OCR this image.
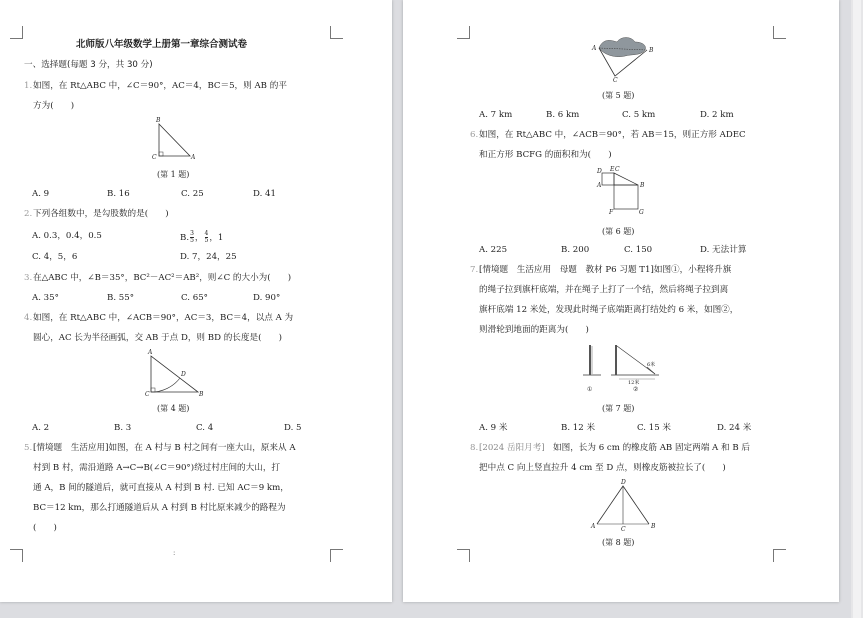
北师版八年级数学上册第一章综合测试卷
一、选择题(每题 3 分，共 30 分)
1. 如图，在 Rt△ABC 中，∠C＝90°，AC＝4，BC＝5，则 AB 的平
方为(　　)
B
C	A
(第 1 题)
A. 9	B. 16	C. 25	D. 41
2. 下列各组数中，是勾股数的是(　　)
A. 0.3，0.4，0.5	B. $\frac{3}{5}$ ， $\frac{4}{5}$ ，1
C. 4，5，6	D. 7，24，25
3. 在△ABC 中，∠B＝35°，BC²－AC²＝AB²，则∠C 的大小为(　　)
A. 35°	B. 55°	C. 65°	D. 90°
4. 如图，在 Rt△ABC 中，∠ACB＝90°，AC＝3，BC＝4，以点 A 为
圆心，AC 长为半径画弧，交 AB 于点 D，则 BD 的长度是(　　)
A
D
C	B
(第 4 题)
A. 2	B. 3	C. 4	D. 5
5. [情境题　生活应用]如图，在 A 村与 B 村之间有一座大山，原来从 A
村到 B 村，需沿道路 A→C→B(∠C＝90°)绕过村庄间的大山，打
通 A，B 间的隧道后，就可直接从 A 村到 B 村. 已知 AC＝9 km，
BC＝12 km，那么打通隧道后从 A 村到 B 村比原来减少的路程为
(　　)
:
A	B
C
(第 5 题)
A. 7 km	B. 6 km	C. 5 km	D. 2 km
6. 如图，在 Rt△ABC 中，∠ACB＝90°，若 AB＝15，则正方形 ADEC
和正方形 BCFG 的面积和为(　　)
D E
A
C
B
F	G
(第 6 题)
A. 225	B. 200	C. 150	D. 无法计算
7. [情境题　生活应用　母题　教材 P6 习题 T1]如图①，小程将升旗
的绳子拉到旗杆底端，并在绳子上打了一个结，然后将绳子拉到离
旗杆底端 12 米处，发现此时绳子底端距离打结处约 6 米，如图②，
则滑轮到地面的距离为(　　)
①
6米
12米
②
(第 7 题)
A. 9 米	B. 12 米	C. 15 米	D. 24 米
8. [2024 岳阳月考] 如图，长为 6 cm 的橡皮筋 AB 固定两端 A 和 B 后
把中点 C 向上竖直拉升 4 cm 至 D 点，则橡皮筋被拉长了(　　)
D
A	C	B
(第 8 题)
